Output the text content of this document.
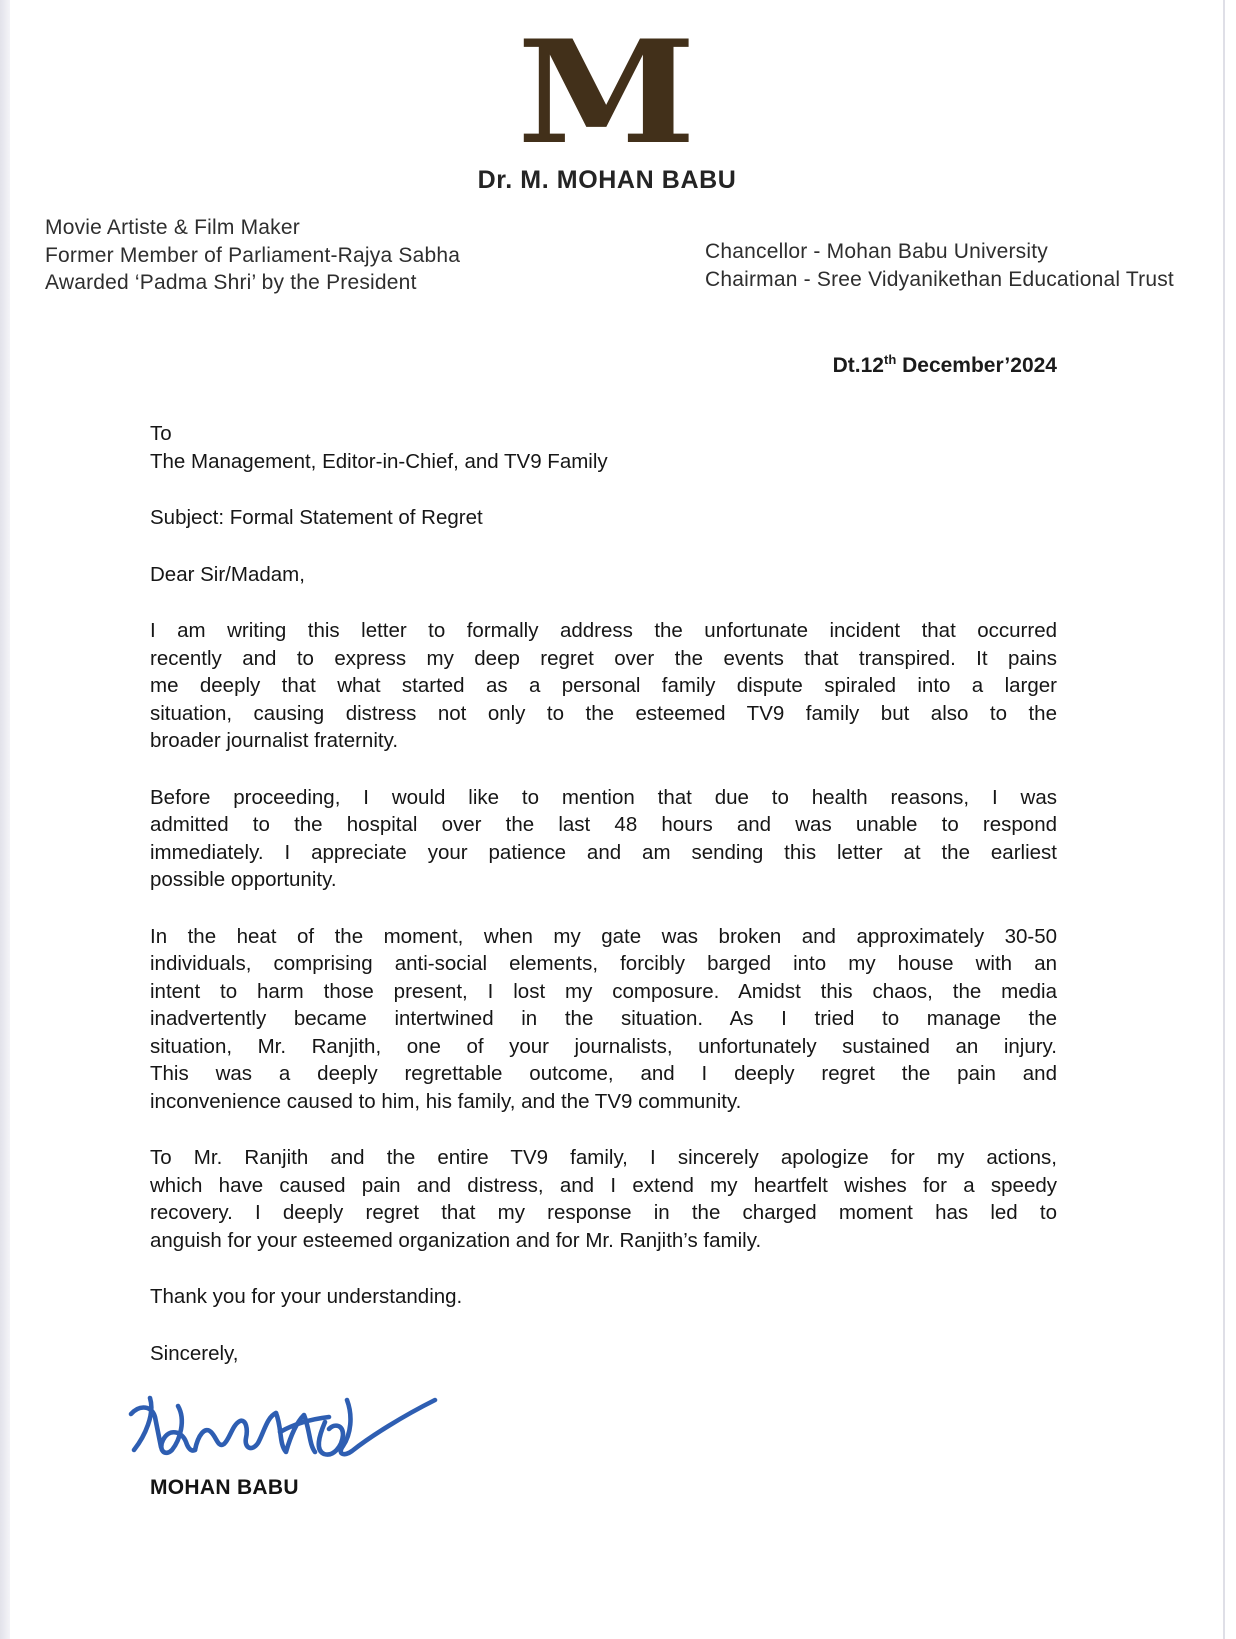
M
Dr. M. MOHAN BABU
Movie Artiste & Film Maker
Former Member of Parliament-Rajya Sabha
Awarded ‘Padma Shri’ by the President
Chancellor - Mohan Babu University
Chairman - Sree Vidyanikethan Educational Trust
Dt.12th December’2024
To
The Management, Editor-in-Chief, and TV9 Family
Subject: Formal Statement of Regret
Dear Sir/Madam,
I am writing this letter to formally address the unfortunate incident that occurred
recently and to express my deep regret over the events that transpired. It pains
me deeply that what started as a personal family dispute spiraled into a larger
situation, causing distress not only to the esteemed TV9 family but also to the
broader journalist fraternity.
Before proceeding, I would like to mention that due to health reasons, I was
admitted to the hospital over the last 48 hours and was unable to respond
immediately. I appreciate your patience and am sending this letter at the earliest
possible opportunity.
In the heat of the moment, when my gate was broken and approximately 30-50
individuals, comprising anti-social elements, forcibly barged into my house with an
intent to harm those present, I lost my composure. Amidst this chaos, the media
inadvertently became intertwined in the situation. As I tried to manage the
situation, Mr. Ranjith, one of your journalists, unfortunately sustained an injury.
This was a deeply regrettable outcome, and I deeply regret the pain and
inconvenience caused to him, his family, and the TV9 community.
To Mr. Ranjith and the entire TV9 family, I sincerely apologize for my actions,
which have caused pain and distress, and I extend my heartfelt wishes for a speedy
recovery. I deeply regret that my response in the charged moment has led to
anguish for your esteemed organization and for Mr. Ranjith’s family.
Thank you for your understanding.
Sincerely,
MOHAN BABU
